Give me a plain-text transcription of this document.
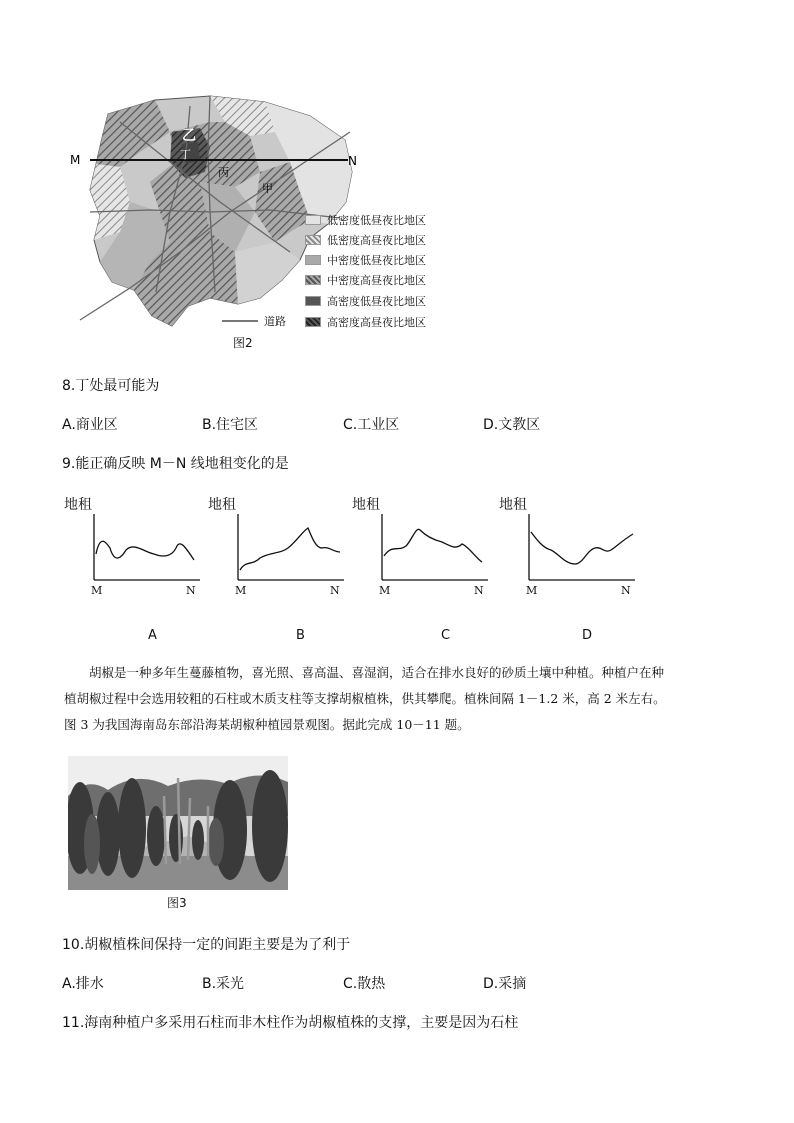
M	N
乙
丁
丙
甲
低密度低昼夜比地区
低密度高昼夜比地区
中密度低昼夜比地区
中密度高昼夜比地区
高密度低昼夜比地区
高密度高昼夜比地区
道路
图2
8.丁处最可能为
A.商业区	B.住宅区	C.工业区	D.文教区
9.能正确反映 M－N 线地租变化的是
地租
M	N
A
地租
M	N
B
地租
M	N
C
地租
M	N
D
胡椒是一种多年生蔓藤植物，喜光照、喜高温、喜湿润，适合在排水良好的砂质土壤中种植。种植户在种
植胡椒过程中会选用较粗的石柱或木质支柱等支撑胡椒植株，供其攀爬。植株间隔 1－1.2 米，高 2 米左右。
图 3 为我国海南岛东部沿海某胡椒种植园景观图。据此完成 10－11 题。
图3
10.胡椒植株间保持一定的间距主要是为了利于
A.排水	B.采光	C.散热	D.采摘
11.海南种植户多采用石柱而非木柱作为胡椒植株的支撑，主要是因为石柱
